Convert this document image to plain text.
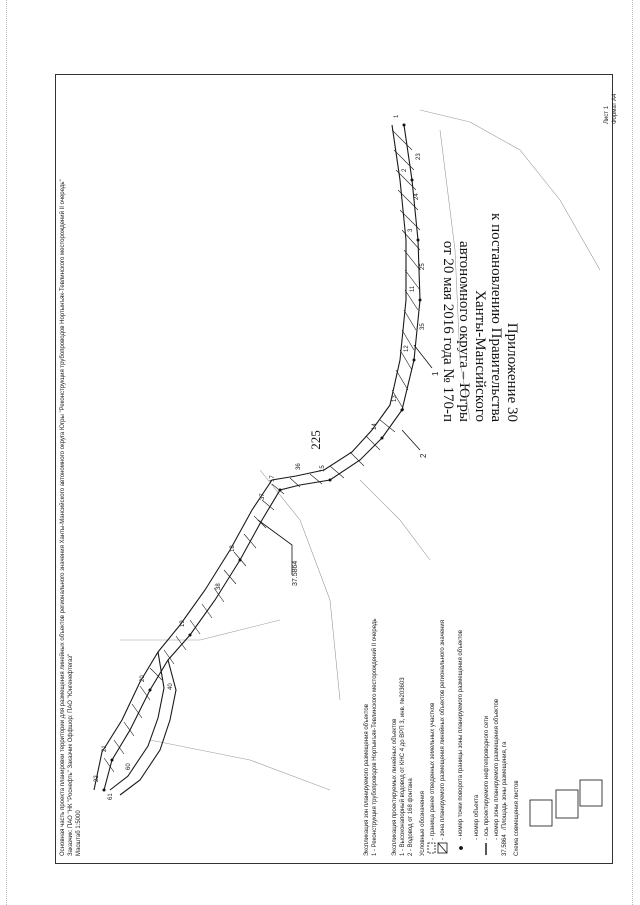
225
Приложение 30
к постановлению Правительства
Ханты-Мансийского
автономного округа – Югры
от 20 мая 2016 года № 170-п
1
2
3
11
12
13
14
15
17
18
19
20
21
22
23
24
25
35
36
37
38
40
60
61
1
2
37.5864
Основная часть проекта планировки территории для размещения линейных объектов регионального значения Ханты-Мансийского автономного округа Югры "Реконструкция трубопроводов Нортынъяк-Тевлинского месторождений II очередь" Заказчик: ПАО "НК "Роснефть" Заказчик Оффшор: ПАО "Юнгенефтегаз" Масштаб 1:5000	Экспликация зон планируемого размещения объектов 1 - Реконструкция трубопроводов Нортынъяк-Тевлинского месторождений II очередь Экспликация проектируемых линейных объектов 1 - Высоконапорный водовод от КНС 4 до ВРП 3, инв. №203603 2 - Водовод от 168 фонтана Условные обозначения - граница ранее отведенных земельных участков - зона планируемого размещения линейных объектов регионального значения - номер точки поворота границы зоны планируемого размещения объектов - номер объекта - ось проектируемого нефтепроводного сети - номер зоны планируемого размещения объектов
37.5864
/Площадь зоны размещения, га Схема совмещения листов
Лист 1 Формат А4
